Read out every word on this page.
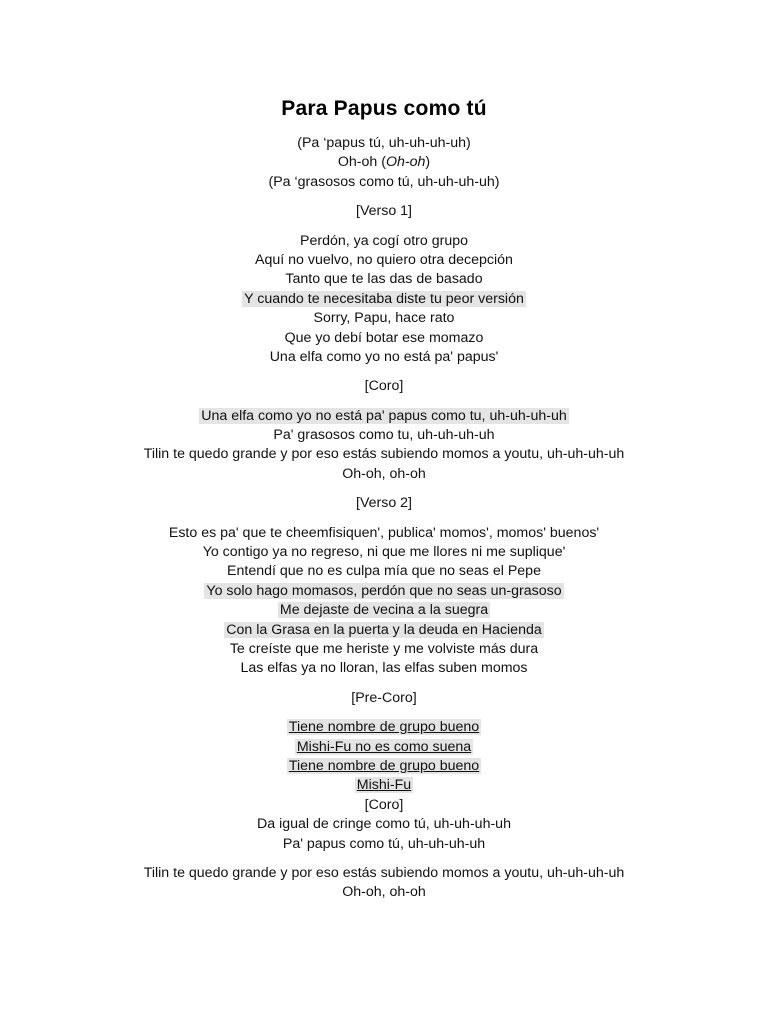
Para Papus como tú
(Pa ‘papus tú, uh-uh-uh-uh)
Oh-oh (Oh-oh)
(Pa ‘grasosos como tú, uh-uh-uh-uh)
[Verso 1]
Perdón, ya cogí otro grupo
Aquí no vuelvo, no quiero otra decepción
Tanto que te las das de basado
Y cuando te necesitaba diste tu peor versión
Sorry, Papu, hace rato
Que yo debí botar ese momazo
Una elfa como yo no está pa' papus'
[Coro]
Una elfa como yo no está pa' papus como tu, uh-uh-uh-uh
Pa' grasosos como tu, uh-uh-uh-uh
Tilin te quedo grande y por eso estás subiendo momos a youtu, uh-uh-uh-uh
Oh-oh, oh-oh
[Verso 2]
Esto es pa' que te cheemfisiquen', publica' momos', momos' buenos'
Yo contigo ya no regreso, ni que me llores ni me suplique'
Entendí que no es culpa mía que no seas el Pepe
Yo solo hago momasos, perdón que no seas un-grasoso
Me dejaste de vecina a la suegra
Con la Grasa en la puerta y la deuda en Hacienda
Te creíste que me heriste y me volviste más dura
Las elfas ya no lloran, las elfas suben momos
[Pre-Coro]
Tiene nombre de grupo bueno
Mishi-Fu no es como suena
Tiene nombre de grupo bueno
Mishi-Fu
[Coro]
Da igual de cringe como tú, uh-uh-uh-uh
Pa' papus como tú, uh-uh-uh-uh
Tilin te quedo grande y por eso estás subiendo momos a youtu, uh-uh-uh-uh
Oh-oh, oh-oh
